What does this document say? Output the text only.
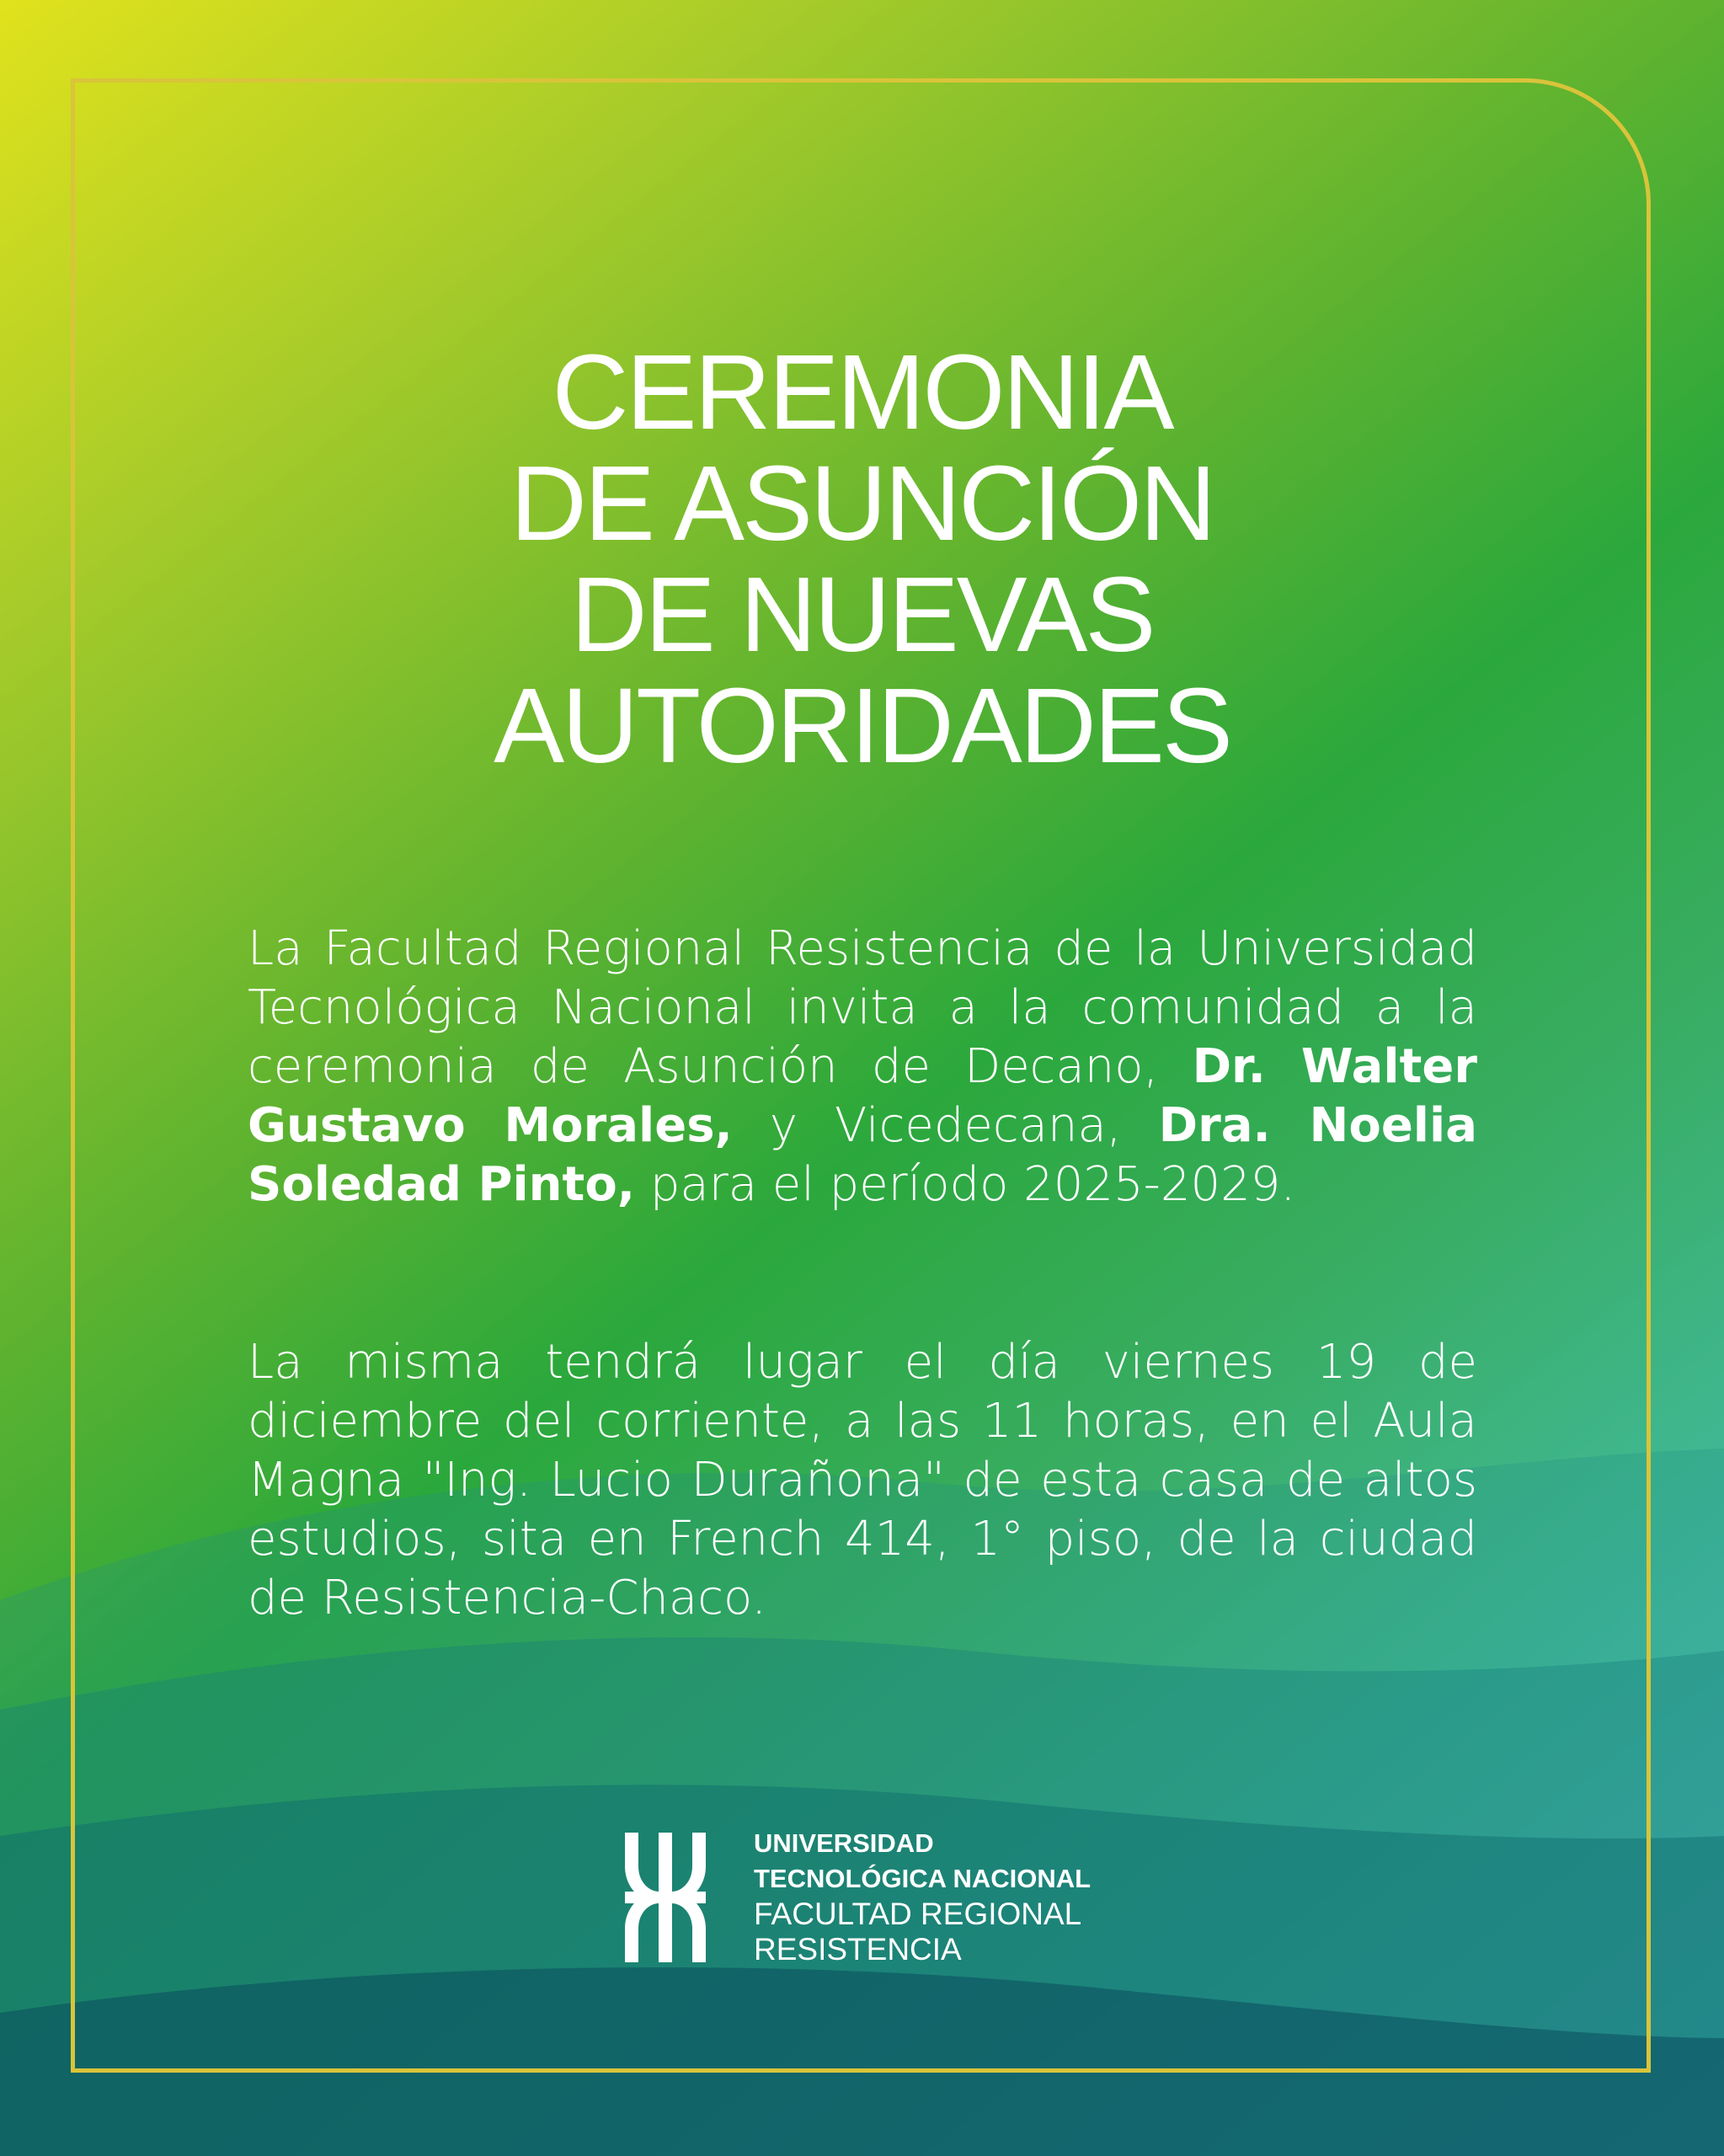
CEREMONIA
DE ASUNCIÓN
DE NUEVAS
AUTORIDADES
La Facultad Regional Resistencia de la Universidad Tecnológica Nacional invita a la comunidad a la ceremonia de Asunción de Decano, Dr. Walter Gustavo Morales, y Vicedecana, Dra. Noelia Soledad Pinto, para el período 2025-2029.
La misma tendrá lugar el día viernes 19 de diciembre del corriente, a las 11 horas, en el Aula Magna "Ing. Lucio Durañona" de esta casa de altos estudios, sita en French 414, 1° piso, de la ciudad de Resistencia-Chaco.
UNIVERSIDAD
TECNOLÓGICA NACIONAL
FACULTAD REGIONAL
RESISTENCIA
